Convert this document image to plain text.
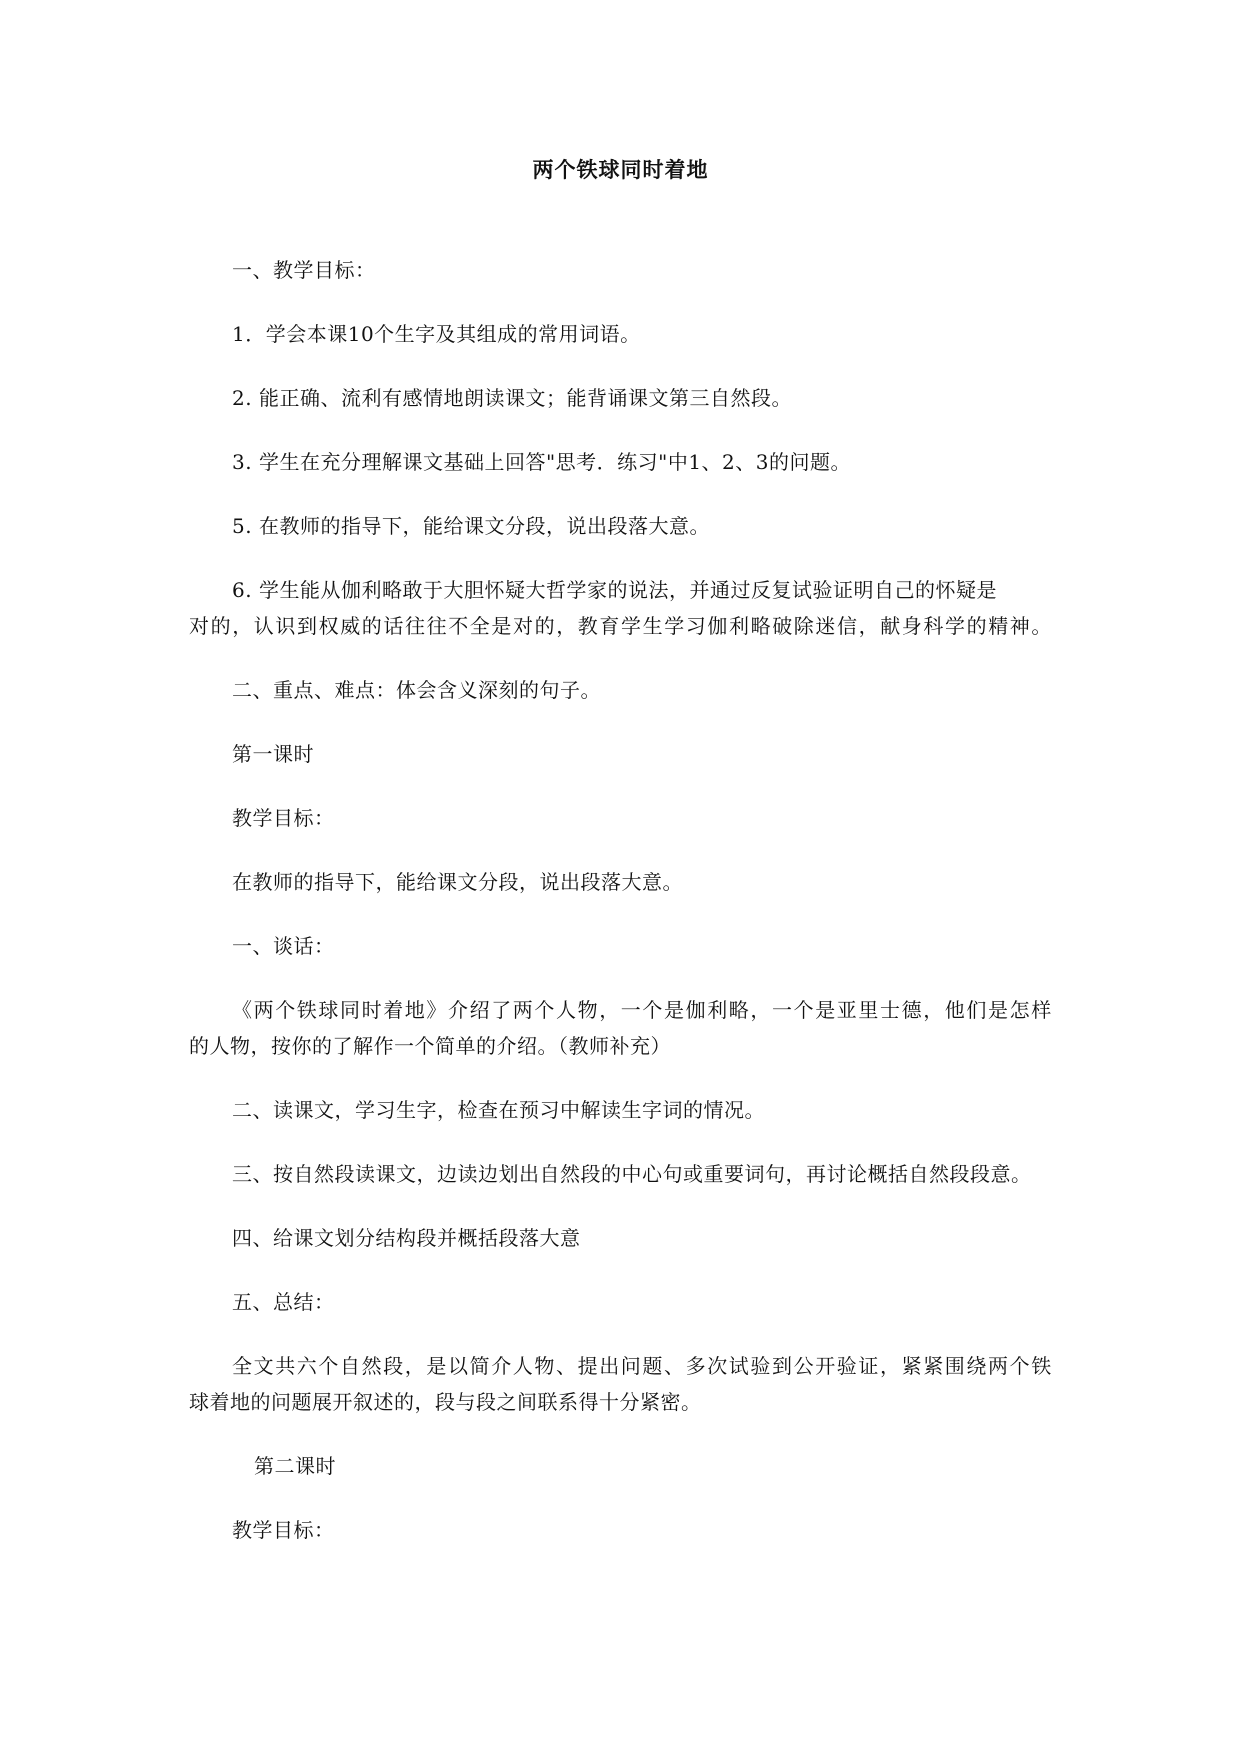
两个铁球同时着地
一、教学目标：
1．学会本课10个生字及其组成的常用词语。
2. 能正确、流利有感情地朗读课文；能背诵课文第三自然段。
3. 学生在充分理解课文基础上回答"思考．练习"中1、2、3的问题。
5. 在教师的指导下，能给课文分段，说出段落大意。
6. 学生能从伽利略敢于大胆怀疑大哲学家的说法，并通过反复试验证明自己的怀疑是
对的，认识到权威的话往往不全是对的，教育学生学习伽利略破除迷信，献身科学的精神。
二、重点、难点：体会含义深刻的句子。
第一课时
教学目标：
在教师的指导下，能给课文分段，说出段落大意。
一、谈话：
《两个铁球同时着地》介绍了两个人物，一个是伽利略，一个是亚里士德，他们是怎样
的人物，按你的了解作一个简单的介绍。（教师补充）
二、读课文，学习生字，检查在预习中解读生字词的情况。
三、按自然段读课文，边读边划出自然段的中心句或重要词句，再讨论概括自然段段意。
四、给课文划分结构段并概括段落大意
五、总结：
全文共六个自然段，是以简介人物、提出问题、多次试验到公开验证，紧紧围绕两个铁
球着地的问题展开叙述的，段与段之间联系得十分紧密。
第二课时
教学目标：
